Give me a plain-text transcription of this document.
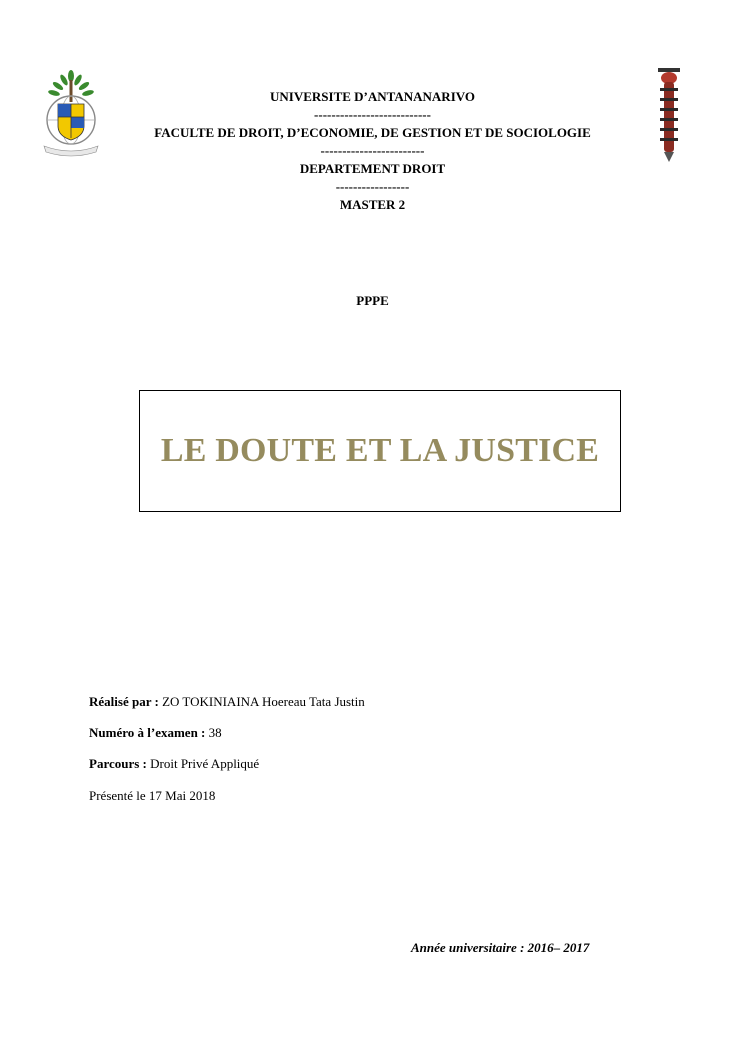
UNIVERSITE D’ANTANANARIVO
---------------------------
FACULTE DE DROIT, D’ECONOMIE, DE GESTION ET DE SOCIOLOGIE
------------------------
DEPARTEMENT DROIT
-----------------
MASTER 2
PPPE
LE DOUTE ET LA JUSTICE
Réalisé par : ZO TOKINIAINA Hoereau Tata Justin
Numéro à l’examen : 38
Parcours : Droit Privé Appliqué
Présenté le 17 Mai 2018
Année universitaire : 2016– 2017
